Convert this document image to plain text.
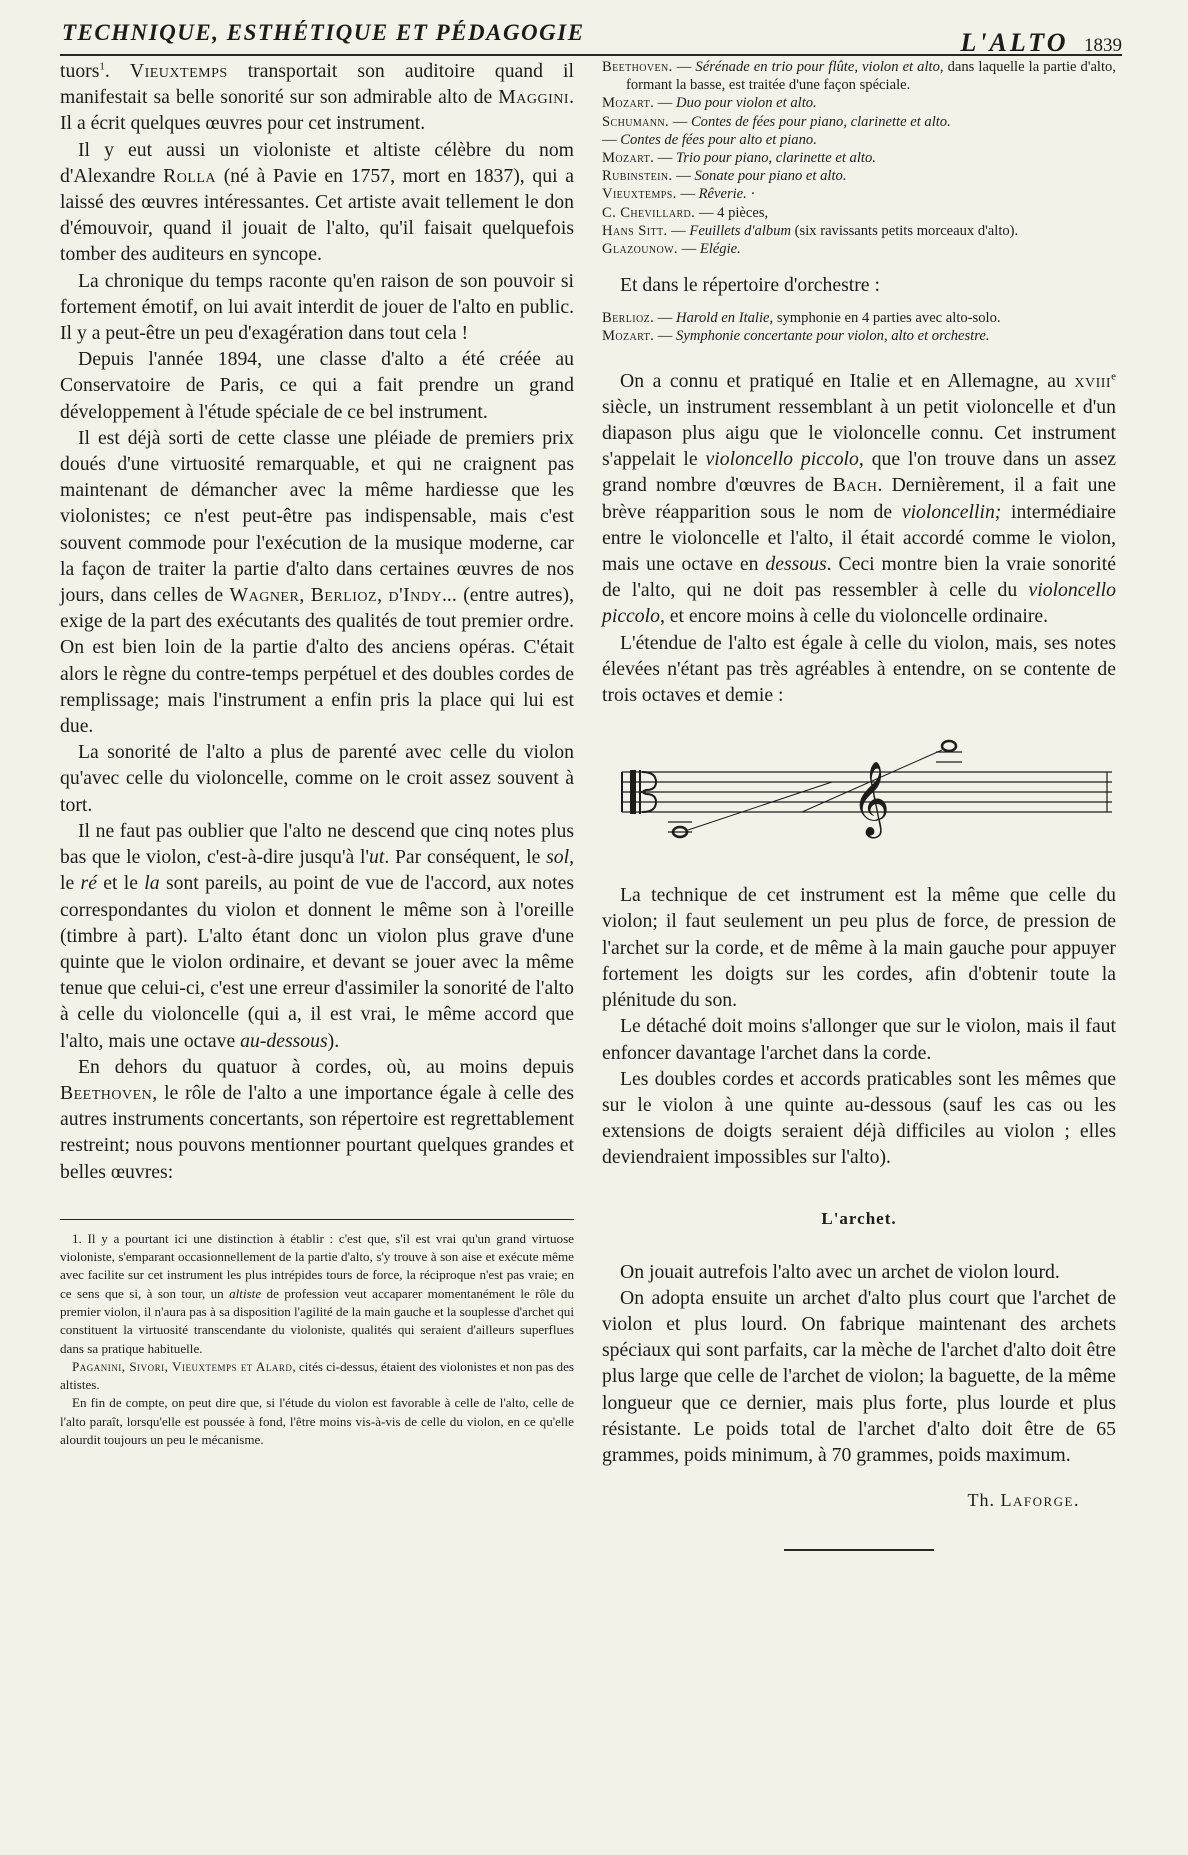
TECHNIQUE, ESTHÉTIQUE ET PÉDAGOGIE	L'ALTO 1839

tuors$^1$. Vieuxtemps transportait son auditoire quand il manifestait sa belle sonorité sur son admirable alto de Maggini. Il a écrit quelques œuvres pour cet instrument.

Il y eut aussi un violoniste et altiste célèbre du nom d'Alexandre Rolla (né à Pavie en 1757, mort en 1837), qui a laissé des œuvres intéressantes. Cet artiste avait tellement le don d'émouvoir, quand il jouait de l'alto, qu'il faisait quelquefois tomber des auditeurs en syncope.

La chronique du temps raconte qu'en raison de son pouvoir si fortement émotif, on lui avait interdit de jouer de l'alto en public. Il y a peut-être un peu d'exagération dans tout cela !

Depuis l'année 1894, une classe d'alto a été créée au Conservatoire de Paris, ce qui a fait prendre un grand développement à l'étude spéciale de ce bel instrument.

Il est déjà sorti de cette classe une pléiade de premiers prix doués d'une virtuosité remarquable, et qui ne craignent pas maintenant de démancher avec la même hardiesse que les violonistes; ce n'est peut-être pas indispensable, mais c'est souvent commode pour l'exécution de la musique moderne, car la façon de traiter la partie d'alto dans certaines œuvres de nos jours, dans celles de Wagner, Berlioz, d'Indy... (entre autres), exige de la part des exécutants des qualités de tout premier ordre. On est bien loin de la partie d'alto des anciens opéras. C'était alors le règne du contre-temps perpétuel et des doubles cordes de remplissage; mais l'instrument a enfin pris la place qui lui est due.

La sonorité de l'alto a plus de parenté avec celle du violon qu'avec celle du violoncelle, comme on le croit assez souvent à tort.

Il ne faut pas oublier que l'alto ne descend que cinq notes plus bas que le violon, c'est-à-dire jusqu'à l'ut. Par conséquent, le sol, le ré et le la sont pareils, au point de vue de l'accord, aux notes correspondantes du violon et donnent le même son à l'oreille (timbre à part). L'alto étant donc un violon plus grave d'une quinte que le violon ordinaire, et devant se jouer avec la même tenue que celui-ci, c'est une erreur d'assimiler la sonorité de l'alto à celle du violoncelle (qui a, il est vrai, le même accord que l'alto, mais une octave au-dessous).

En dehors du quatuor à cordes, où, au moins depuis Beethoven, le rôle de l'alto a une importance égale à celle des autres instruments concertants, son répertoire est regrettablement restreint; nous pouvons mentionner pourtant quelques grandes et belles œuvres:

1. Il y a pourtant ici une distinction à établir : c'est que, s'il est vrai qu'un grand virtuose violoniste, s'emparant occasionnellement de la partie d'alto, s'y trouve à son aise et exécute même avec facilite sur cet instrument les plus intrépides tours de force, la réciproque n'est pas vraie; en ce sens que si, à son tour, un altiste de profession veut accaparer momentanément le rôle du premier violon, il n'aura pas à sa disposition l'agilité de la main gauche et la souplesse d'archet qui constituent la virtuosité transcendante du violoniste, qualités qui seraient d'ailleurs superflues dans sa pratique habituelle.

Paganini, Sivori, Vieuxtemps et Alard, cités ci-dessus, étaient des violonistes et non pas des altistes.

En fin de compte, on peut dire que, si l'étude du violon est favorable à celle de l'alto, celle de l'alto paraît, lorsqu'elle est poussée à fond, l'être moins vis-à-vis de celle du violon, en ce qu'elle alourdit toujours un peu le mécanisme.

Beethoven. — Sérénade en trio pour flûte, violon et alto, dans laquelle la partie d'alto, formant la basse, est traitée d'une façon spéciale.
Mozart. — Duo pour violon et alto.
Schumann. — Contes de fées pour piano, clarinette et alto.
— Contes de fées pour alto et piano.
Mozart. — Trio pour piano, clarinette et alto.
Rubinstein. — Sonate pour piano et alto.
Vieuxtemps. — Rêverie. ·
C. Chevillard. — 4 pièces,
Hans Sitt. — Feuillets d'album (six ravissants petits morceaux d'alto).
Glazounow. — Elégie.

Et dans le répertoire d'orchestre :

Berlioz. — Harold en Italie, symphonie en 4 parties avec alto-solo.
Mozart. — Symphonie concertante pour violon, alto et orchestre.

On a connu et pratiqué en Italie et en Allemagne, au xviii$^e$ siècle, un instrument ressemblant à un petit violoncelle et d'un diapason plus aigu que le violoncelle connu. Cet instrument s'appelait le violoncello piccolo, que l'on trouve dans un assez grand nombre d'œuvres de Bach. Dernièrement, il a fait une brève réapparition sous le nom de violoncellin; intermédiaire entre le violoncelle et l'alto, il était accordé comme le violon, mais une octave en dessous. Ceci montre bien la vraie sonorité de l'alto, qui ne doit pas ressembler à celle du violoncello piccolo, et encore moins à celle du violoncelle ordinaire.

L'étendue de l'alto est égale à celle du violon, mais, ses notes élevées n'étant pas très agréables à entendre, on se contente de trois octaves et demie :

𝄞

La technique de cet instrument est la même que celle du violon; il faut seulement un peu plus de force, de pression de l'archet sur la corde, et de même à la main gauche pour appuyer fortement les doigts sur les cordes, afin d'obtenir toute la plénitude du son.

Le détaché doit moins s'allonger que sur le violon, mais il faut enfoncer davantage l'archet dans la corde.

Les doubles cordes et accords praticables sont les mêmes que sur le violon à une quinte au-dessous (sauf les cas ou les extensions de doigts seraient déjà difficiles au violon ; elles deviendraient impossibles sur l'alto).

L'archet.

On jouait autrefois l'alto avec un archet de violon lourd.

On adopta ensuite un archet d'alto plus court que l'archet de violon et plus lourd. On fabrique maintenant des archets spéciaux qui sont parfaits, car la mèche de l'archet d'alto doit être plus large que celle de l'archet de violon; la baguette, de la même longueur que ce dernier, mais plus forte, plus lourde et plus résistante. Le poids total de l'archet d'alto doit être de 65 grammes, poids minimum, à 70 grammes, poids maximum.

Th. Laforge.
